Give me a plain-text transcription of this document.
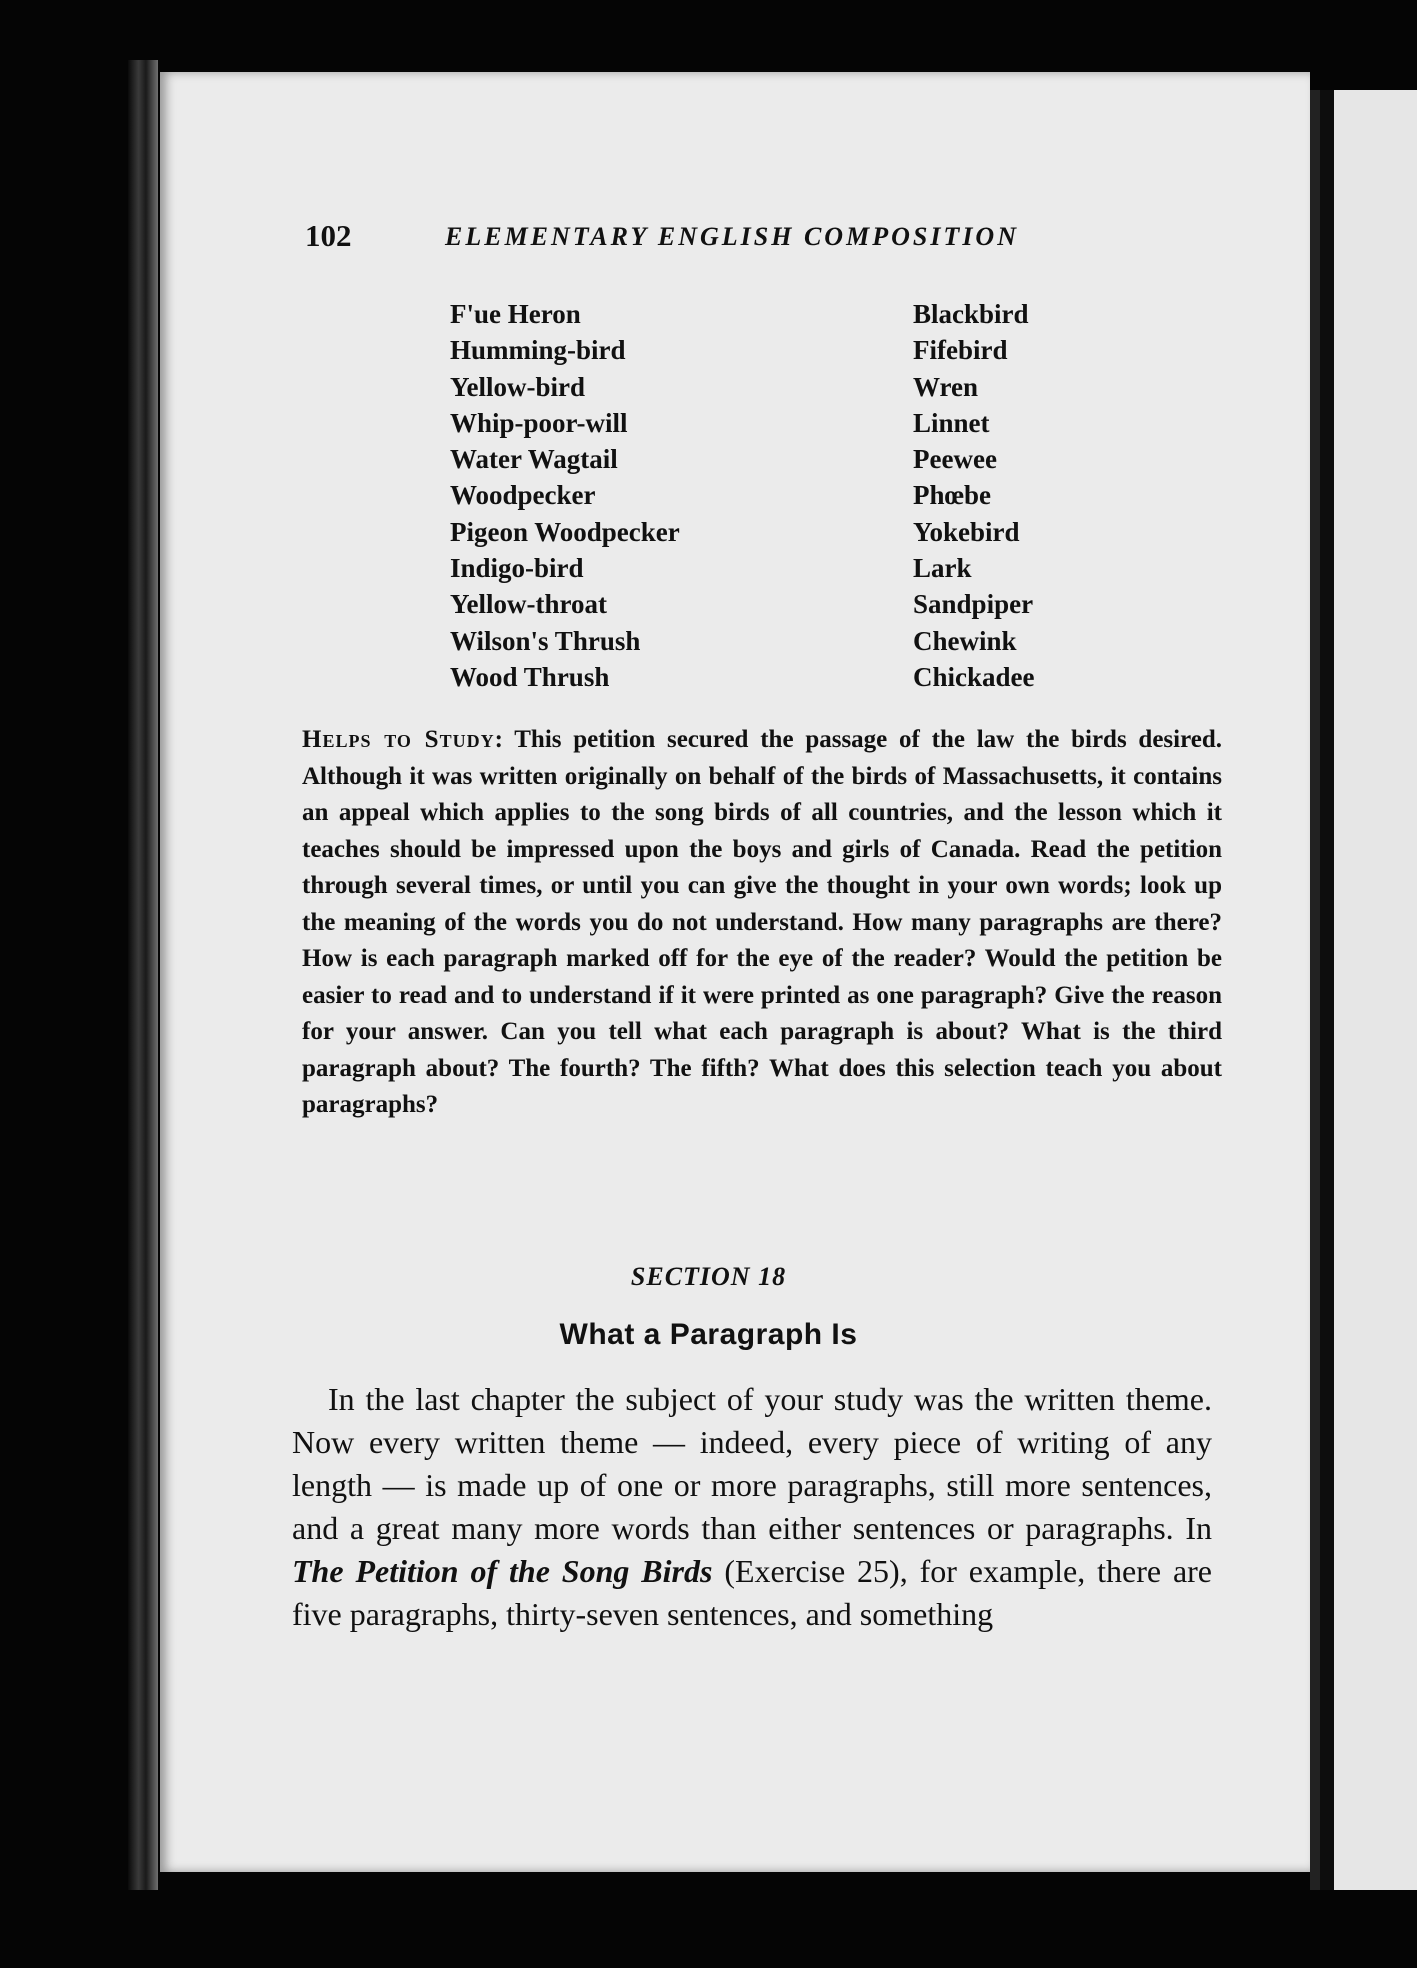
102	ELEMENTARY ENGLISH COMPOSITION
F'ue Heron
Humming-bird
Yellow-bird
Whip-poor-will
Water Wagtail
Woodpecker
Pigeon Woodpecker
Indigo-bird
Yellow-throat
Wilson's Thrush
Wood Thrush
Blackbird
Fifebird
Wren
Linnet
Peewee
Phœbe
Yokebird
Lark
Sandpiper
Chewink
Chickadee
Helps to Study: This petition secured the passage of the law the birds desired. Although it was written originally on behalf of the birds of Massachusetts, it contains an appeal which applies to the song birds of all countries, and the lesson which it teaches should be impressed upon the boys and girls of Canada. Read the petition through several times, or until you can give the thought in your own words; look up the meaning of the words you do not understand. How many paragraphs are there? How is each paragraph marked off for the eye of the reader? Would the petition be easier to read and to understand if it were printed as one paragraph? Give the reason for your answer. Can you tell what each paragraph is about? What is the third paragraph about? The fourth? The fifth? What does this selection teach you about paragraphs?
SECTION 18
What a Paragraph Is
In the last chapter the subject of your study was the written theme. Now every written theme — indeed, every piece of writing of any length — is made up of one or more paragraphs, still more sentences, and a great many more words than either sentences or paragraphs. In The Petition of the Song Birds (Exercise 25), for example, there are five paragraphs, thirty-seven sentences, and something
